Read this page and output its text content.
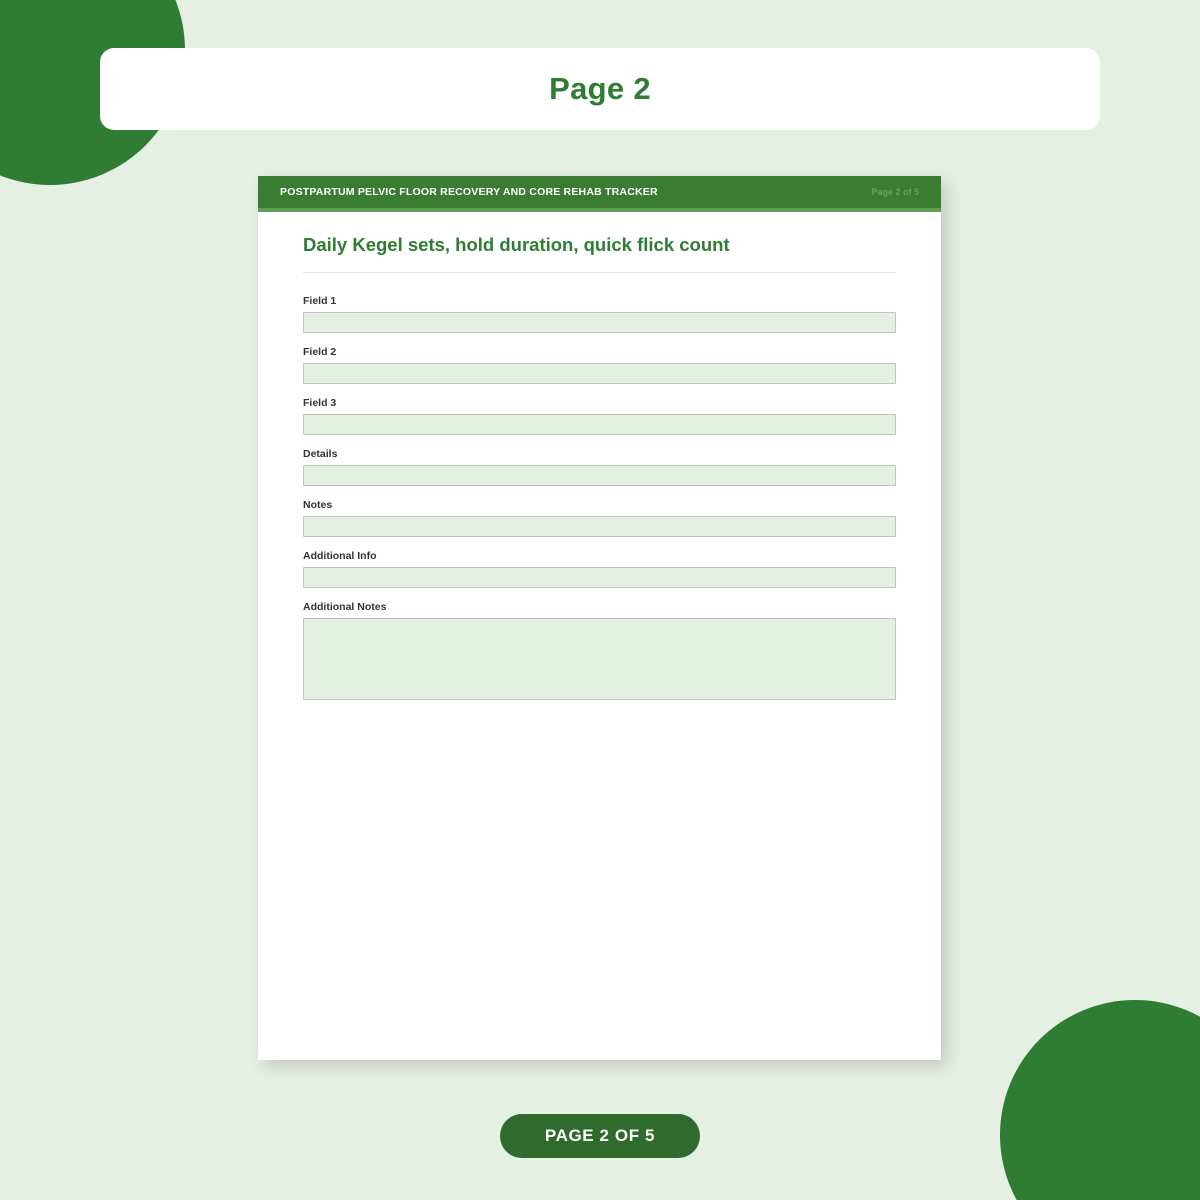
Page 2
POSTPARTUM PELVIC FLOOR RECOVERY AND CORE REHAB TRACKER	Page 2 of 5
Daily Kegel sets, hold duration, quick flick count
Field 1
Field 2
Field 3
Details
Notes
Additional Info
Additional Notes
PAGE 2 OF 5
